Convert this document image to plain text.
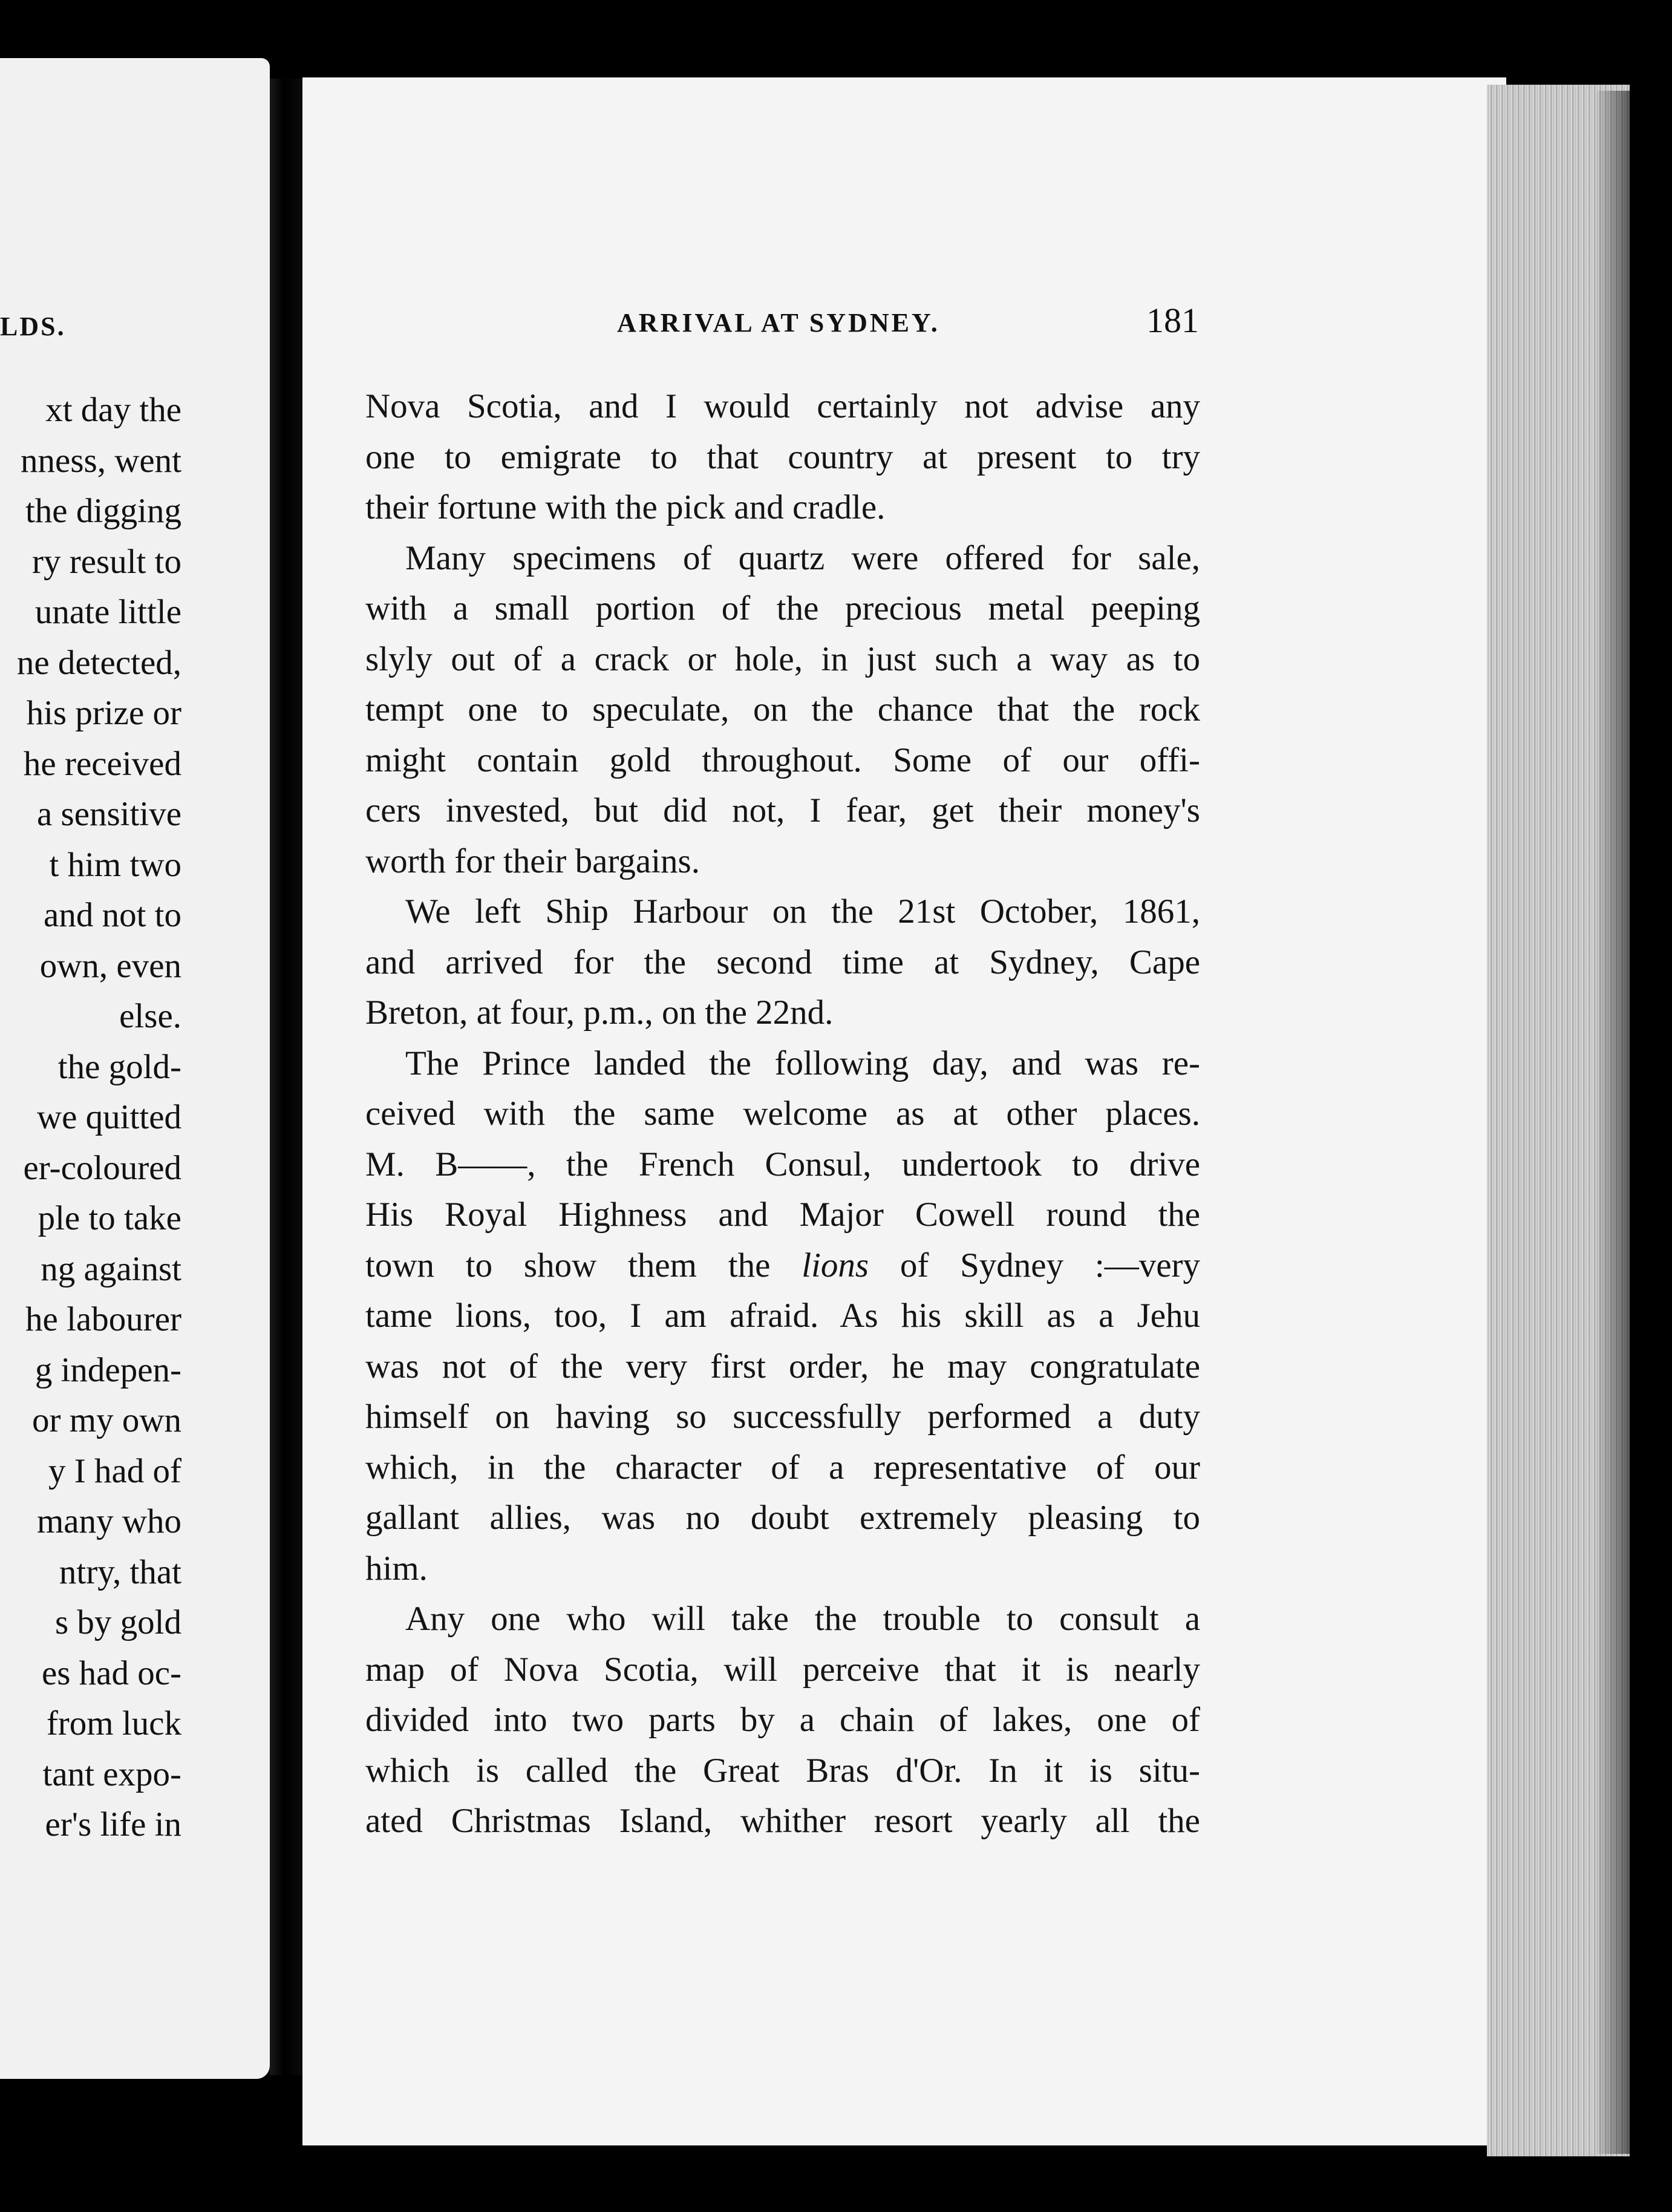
LDS.
xt day the
nness, went
the digging
ry result to
unate little
ne detected,
his prize or
he received
a sensitive
t him two
and not to
own, even
else.
the gold-
we quitted
er-coloured
ple to take
ng against
he labourer
g indepen-
or my own
y I had of
many who
ntry, that
s by gold
es had oc-
from luck
tant expo-
er's life in
ARRIVAL AT SYDNEY.	181
Nova Scotia, and I would certainly not advise any
one to emigrate to that country at present to try
their fortune with the pick and cradle.
Many specimens of quartz were offered for sale,
with a small portion of the precious metal peeping
slyly out of a crack or hole, in just such a way as to
tempt one to speculate, on the chance that the rock
might contain gold throughout. Some of our offi-
cers invested, but did not, I fear, get their money's
worth for their bargains.
We left Ship Harbour on the 21st October, 1861,
and arrived for the second time at Sydney, Cape
Breton, at four, p.m., on the 22nd.
The Prince landed the following day, and was re-
ceived with the same welcome as at other places.
M. B——, the French Consul, undertook to drive
His Royal Highness and Major Cowell round the
town to show them the lions of Sydney :—very
tame lions, too, I am afraid. As his skill as a Jehu
was not of the very first order, he may congratulate
himself on having so successfully performed a duty
which, in the character of a representative of our
gallant allies, was no doubt extremely pleasing to
him.
Any one who will take the trouble to consult a
map of Nova Scotia, will perceive that it is nearly
divided into two parts by a chain of lakes, one of
which is called the Great Bras d'Or. In it is situ-
ated Christmas Island, whither resort yearly all the
